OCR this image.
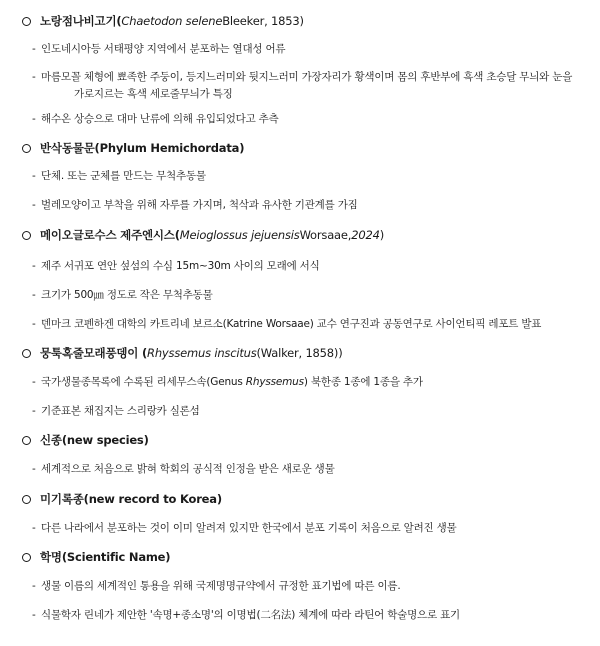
노랑점나비고기( Chaetodon selene Bleeker, 1853)
- 인도네시아등 서태평양 지역에서 분포하는 열대성 어류
- 마름모꼴 체형에 뾰족한 주둥이, 등지느러미와 뒷지느러미 가장자리가 황색이며 몸의 후반부에 흑색 초승달 무늬와 눈을
가로지르는 흑색 세로줄무늬가 특징
- 해수온 상승으로 대마 난류에 의해 유입되었다고 추측
반삭동물문(Phylum Hemichordata)
- 단체. 또는 군체를 만드는 무척추동물
- 벌레모양이고 부착을 위해 자루를 가지며, 척삭과 유사한 기관계를 가짐
메이오글로수스 제주엔시스( Meioglossus jejuensis Worsaae, 2024 )
- 제주 서귀포 연안 섶섬의 수심 15m~30m 사이의 모래에 서식
- 크기가 500㎛ 정도로 작은 무척추동물
- 덴마크 코펜하겐 대학의 카트리네 보르소(Katrine Worsaae) 교수 연구진과 공동연구로 사이언티픽 레포트 발표
뭉툭혹줄모래풍뎅이 ( Rhyssemus inscitus (Walker, 1858))
- 국가생물종목록에 수록된 리세무스속(Genus Rhyssemus) 북한종 1종에 1종을 추가
- 기준표본 채집지는 스리랑카 실론섬
신종(new species)
- 세계적으로 처음으로 밝혀 학회의 공식적 인정을 받은 새로운 생물
미기록종(new record to Korea)
- 다른 나라에서 분포하는 것이 이미 알려져 있지만 한국에서 분포 기록이 처음으로 알려진 생물
학명(Scientific Name)
- 생물 이름의 세계적인 통용을 위해 국제명명규약에서 규정한 표기법에 따른 이름.
- 식물학자 린네가 제안한 '속명+종소명'의 이명법(二名法) 체계에 따라 라틴어 학술명으로 표기
